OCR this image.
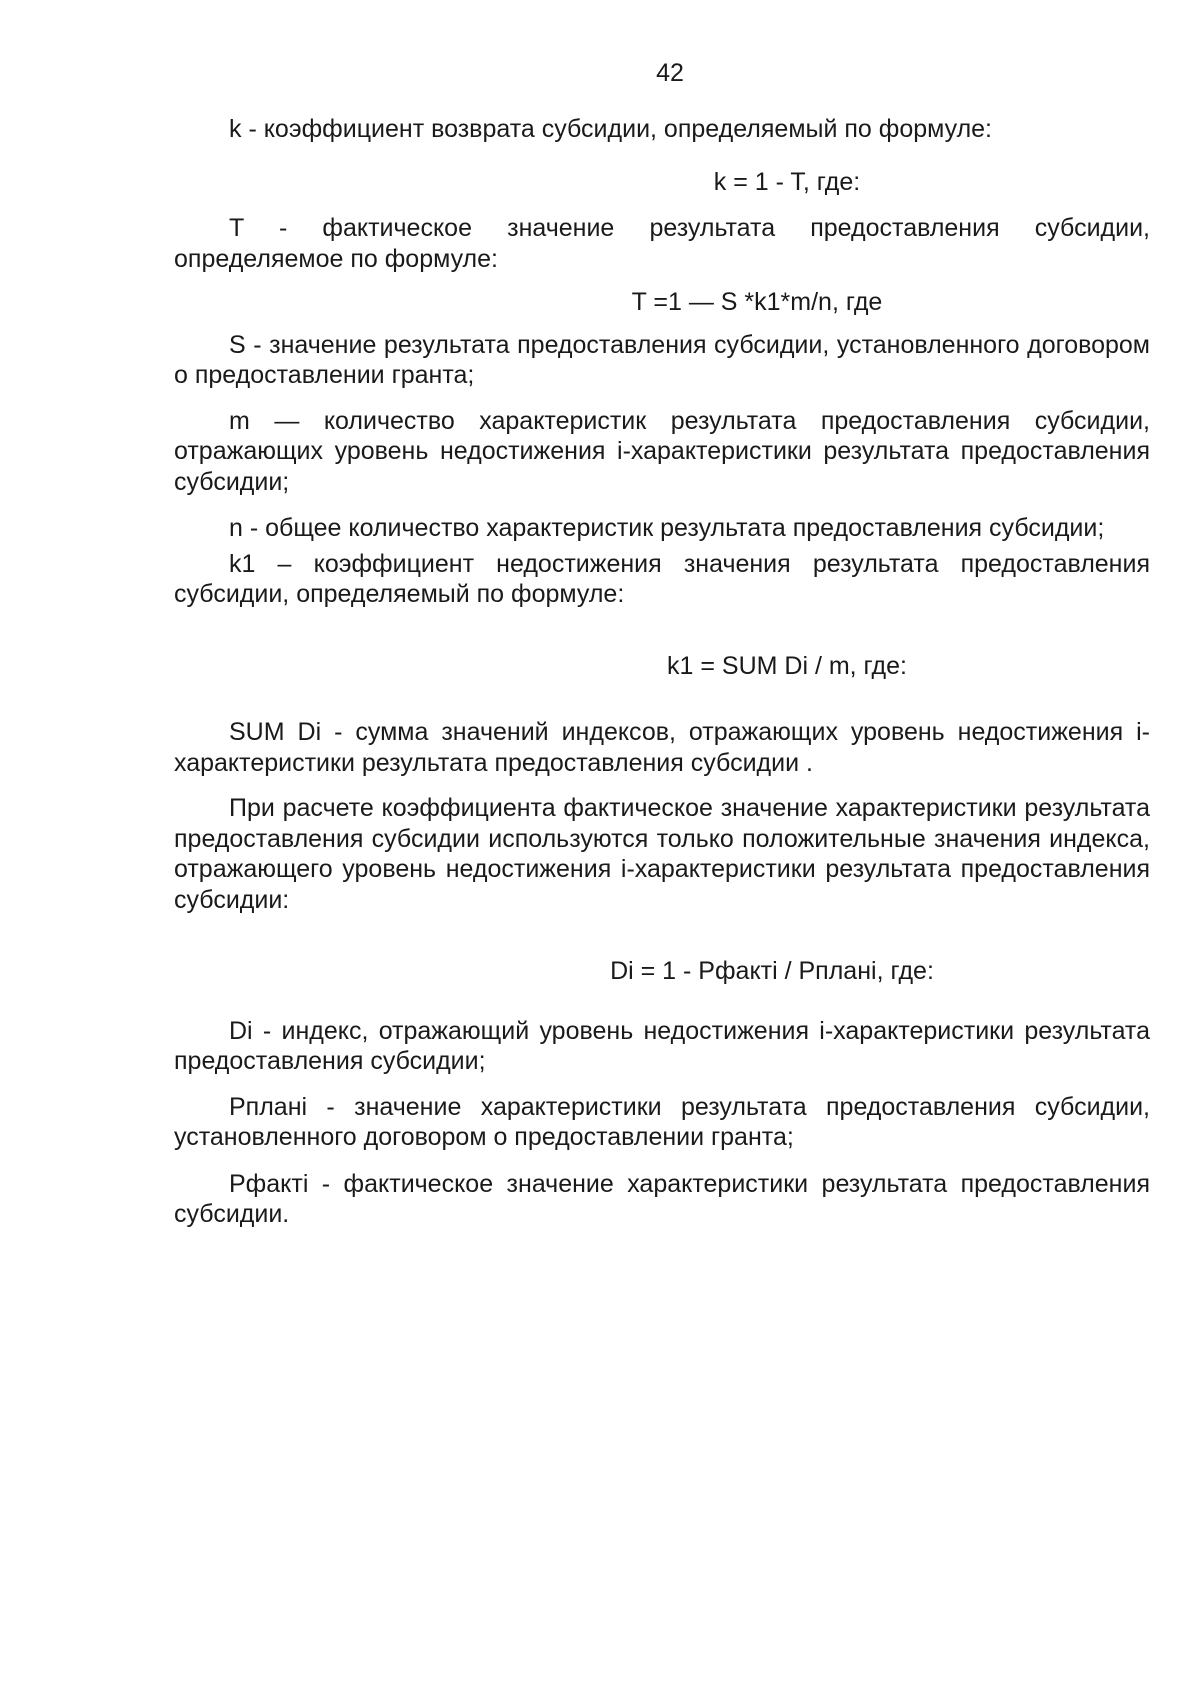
42

k - коэффициент возврата субсидии, определяемый по формуле:

k = 1 - T, где:

T - фактическое значение результата предоставления субсидии, определяемое по формуле:

T =1 — S *k1*m/n, где

S - значение результата предоставления субсидии, установленного договором о предоставлении гранта;

m — количество характеристик результата предоставления субсидии, отражающих уровень недостижения i-характеристики результата предоставления субсидии;

n - общее количество характеристик результата предоставления субсидии;

k1 – коэффициент недостижения значения результата предоставления субсидии, определяемый по формуле:

k1 = SUM Di / m, где:

SUM Di - сумма значений индексов, отражающих уровень недостижения i-характеристики результата предоставления субсидии .

При расчете коэффициента фактическое значение характеристики результата предоставления субсидии используются только положительные значения индекса, отражающего уровень недостижения i-характеристики результата предоставления субсидии:

Di = 1 - Pфактi / Pпланi, где:

Di - индекс, отражающий уровень недостижения i-характеристики результата предоставления субсидии;

Pпланi - значение характеристики результата предоставления субсидии, установленного договором о предоставлении гранта;

Pфактi - фактическое значение характеристики результата предоставления субсидии.
